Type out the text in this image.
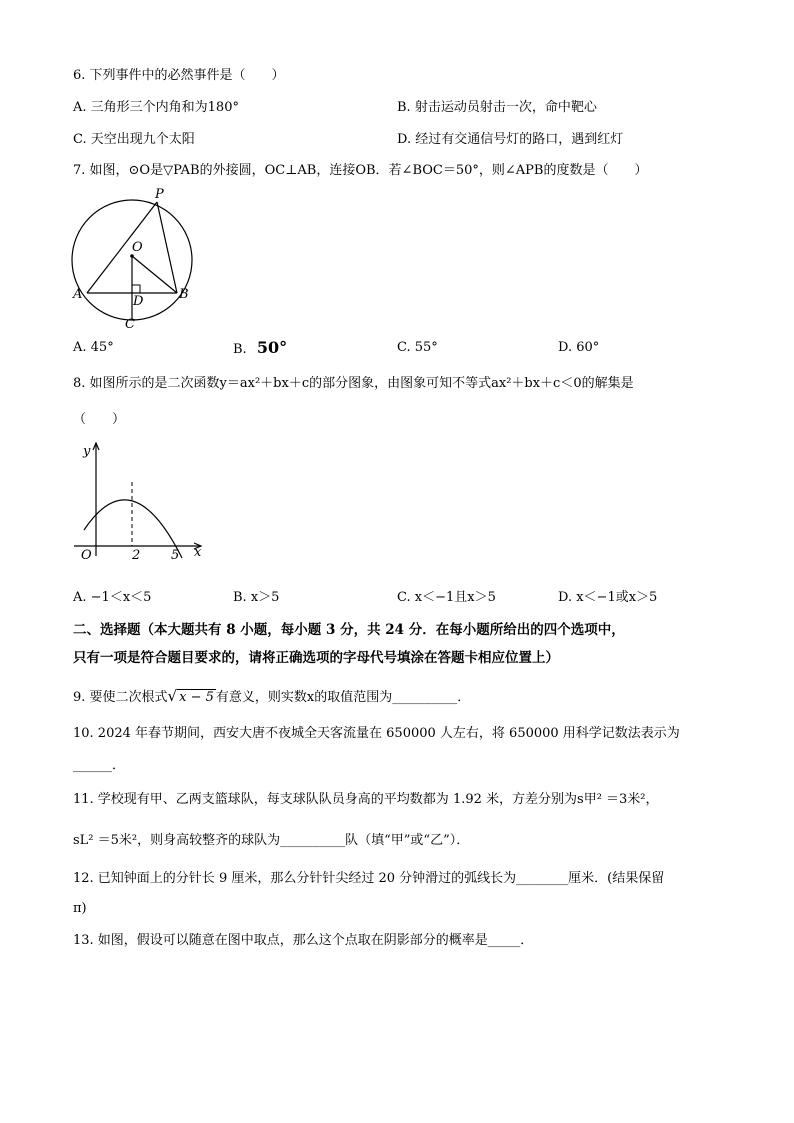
6. 下列事件中的必然事件是（　　）
A. 三角形三个内角和为180°	B. 射击运动员射击一次，命中靶心
C. 天空出现九个太阳	D. 经过有交通信号灯的路口，遇到红灯
7. 如图，⊙O是▽PAB的外接圆，OC⊥AB，连接OB．若∠BOC＝50°，则∠APB的度数是（　　）
P
O
A	B
D
C
A. 45°	B. 50°	C. 55°	D. 60°
8. 如图所示的是二次函数y＝ax²＋bx＋c的部分图象，由图象可知不等式ax²＋bx＋c＜0的解集是
（　　）
y
x
O	2 5
A. −1＜x＜5	B. x＞5	C. x＜−1且x＞5	D. x＜−1或x＞5
二、选择题（本大题共有 8 小题，每小题 3 分，共 24 分．在每小题所给出的四个选项中，
只有一项是符合题目要求的，请将正确选项的字母代号填涂在答题卡相应位置上）
9. 要使二次根式√ x − 5 有意义，则实数x的取值范围为__________．
10. 2024 年春节期间，西安大唐不夜城全天客流量在 650000 人左右，将 650000 用科学记数法表示为
______．
11. 学校现有甲、乙两支篮球队，每支球队队员身高的平均数都为 1.92 米，方差分别为s甲² ＝3米²，
sL² ＝5米²，则身高较整齐的球队为__________队（填“甲”或“乙”）．
12. 已知钟面上的分针长 9 厘米，那么分针针尖经过 20 分钟滑过的弧线长为________厘米．(结果保留
π)
13. 如图，假设可以随意在图中取点，那么这个点取在阴影部分的概率是_____．
